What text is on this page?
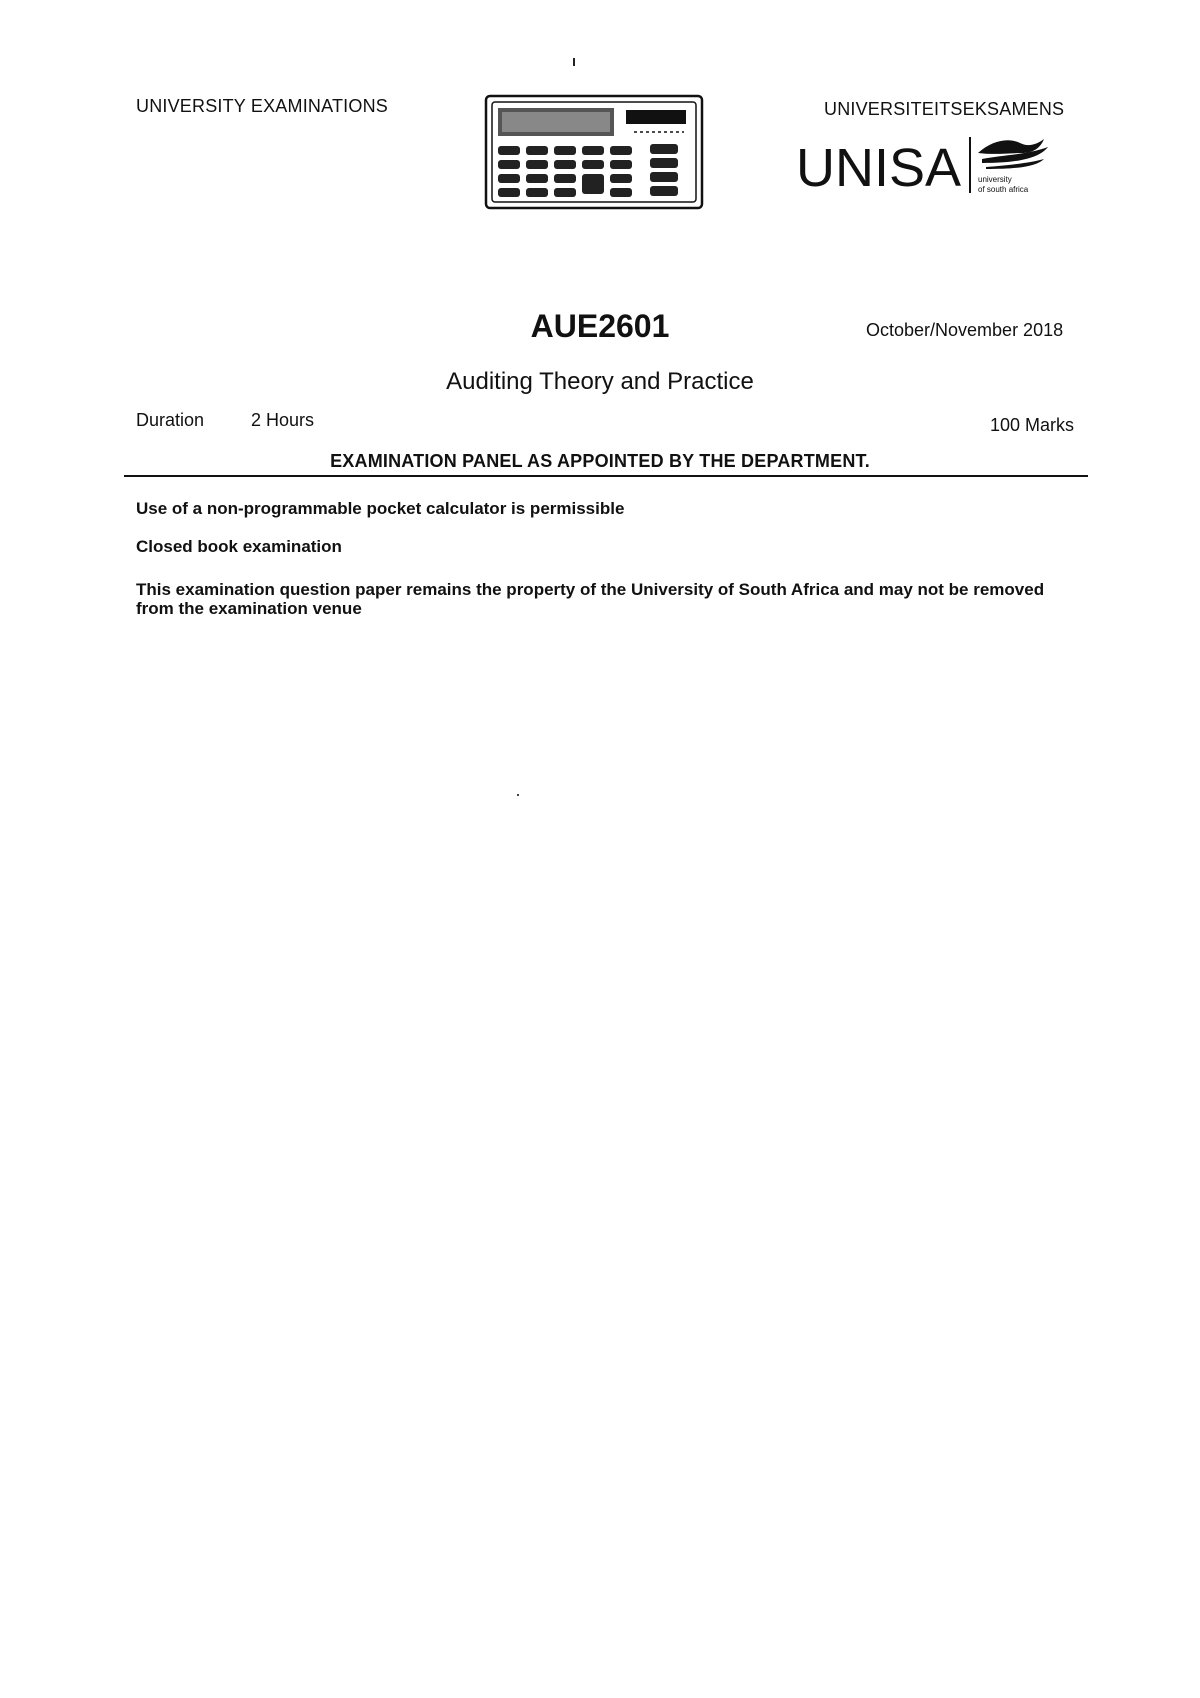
UNIVERSITY EXAMINATIONS	UNIVERSITEITSEKSAMENS
UNISA university
of south africa
AUE2601	October/November 2018
Auditing Theory and Practice
Duration	2 Hours	100 Marks
EXAMINATION PANEL AS APPOINTED BY THE DEPARTMENT.
Use of a non-programmable pocket calculator is permissible
Closed book examination
This examination question paper remains the property of the University of South Africa and may not be removed from the examination venue
